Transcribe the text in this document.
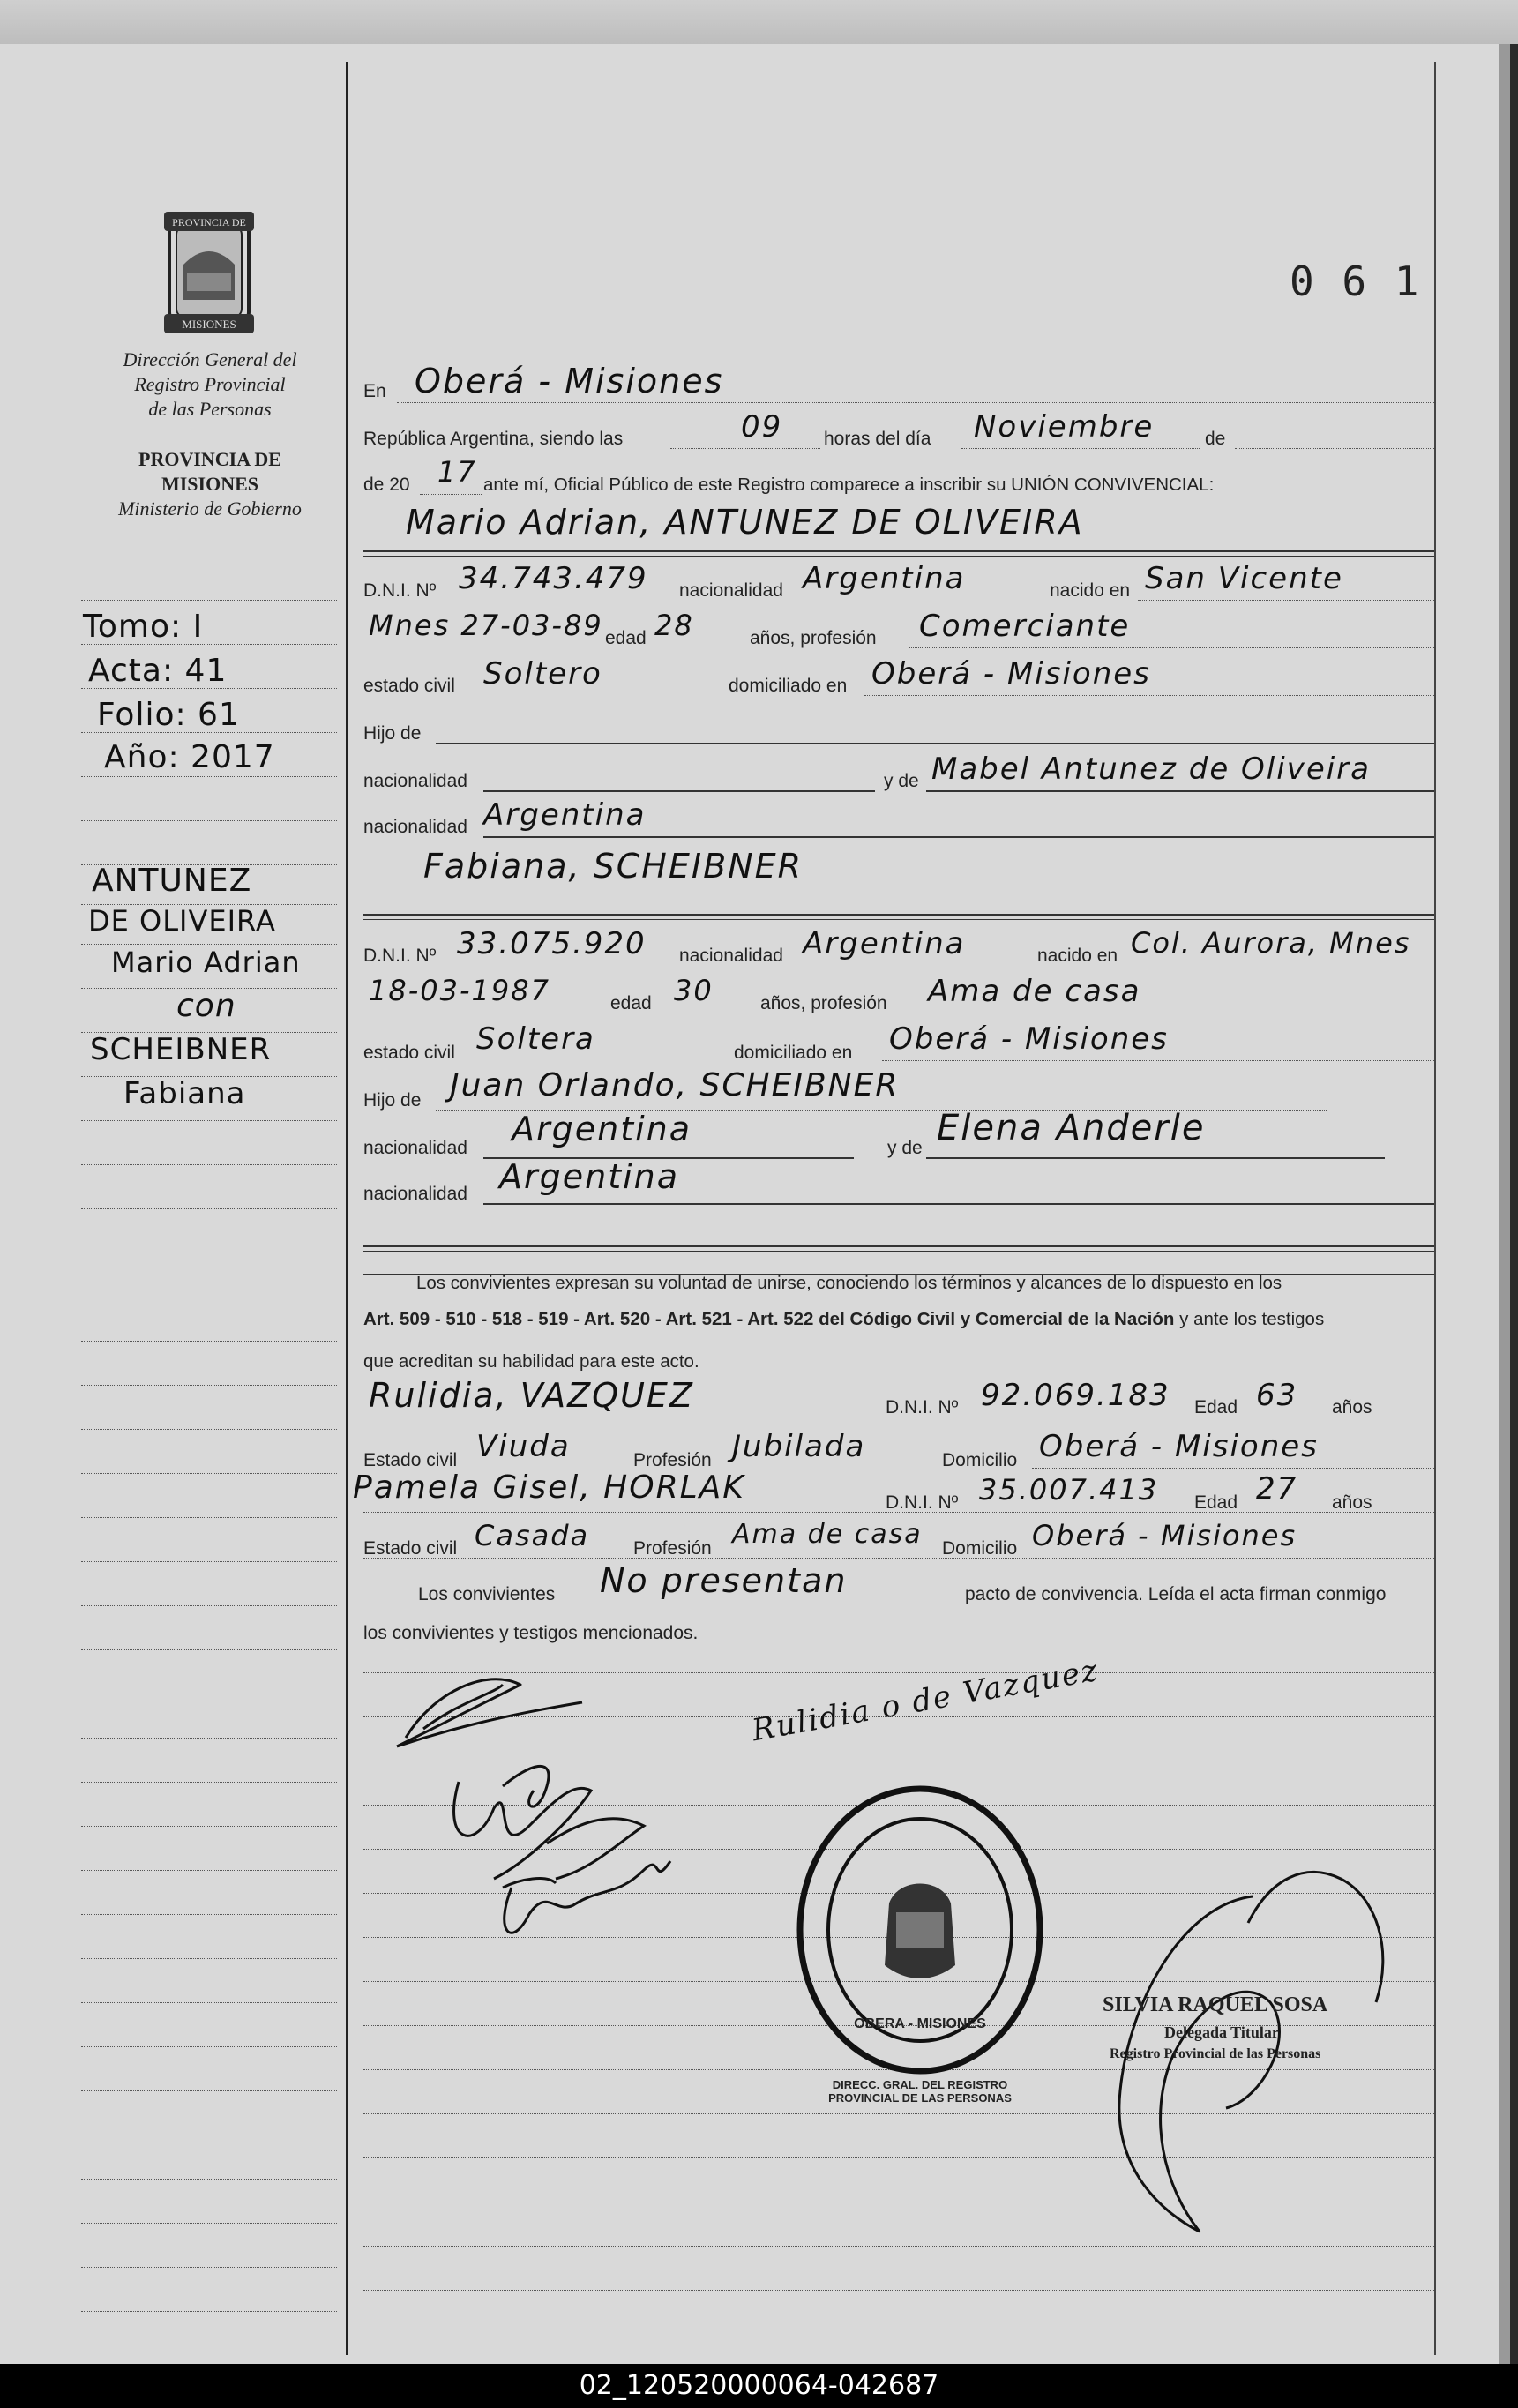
PROVINCIA DE
MISIONES
Dirección General del
Registro Provincial
de las Personas
PROVINCIA DE
MISIONES
Ministerio de Gobierno
0 6 1
Tomo: I
Acta: 41
Folio: 61
Año: 2017
ANTUNEZ
DE OLIVEIRA
Mario Adrian
con
SCHEIBNER
Fabiana
En Oberá - Misiones
República Argentina, siendo las	09 horas del día Noviembre	de
de 20 17 ante mí, Oficial Público de este Registro comparece a inscribir su UNIÓN CONVIVENCIAL:
Mario Adrian, ANTUNEZ DE OLIVEIRA
D.N.I. Nº 34.743.479 nacionalidad Argentina	nacido en San Vicente
Mnes 27-03-89 edad 28	años, profesión Comerciante
estado civil Soltero	domiciliado en Oberá - Misiones
Hijo de
nacionalidad	y de Mabel Antunez de Oliveira
nacionalidad Argentina
Fabiana, SCHEIBNER
D.N.I. Nº 33.075.920 nacionalidad Argentina	nacido en Col. Aurora, Mnes
18-03-1987	edad 30	años, profesión Ama de casa
estado civil Soltera	domiciliado en Oberá - Misiones
Hijo de Juan Orlando, SCHEIBNER
nacionalidad Argentina	y de Elena Anderle
nacionalidad Argentina
Los convivientes expresan su voluntad de unirse, conociendo los términos y alcances de lo dispuesto en los
Art. 509 - 510 - 518 - 519 - Art. 520 - Art. 521 - Art. 522 del Código Civil y Comercial de la Nación y ante los testigos
que acreditan su habilidad para este acto.
Rulidia, VAZQUEZ	D.N.I. Nº 92.069.183 Edad 63 años
Estado civil Viuda	Profesión Jubilada	Domicilio Oberá - Misiones
Pamela Gisel, HORLAK	D.N.I. Nº 35.007.413 Edad 27 años
Estado civil Casada Profesión Ama de casa Domicilio Oberá - Misiones
Los convivientes No presentan	pacto de convivencia. Leída el acta firman conmigo
los convivientes y testigos mencionados.
Rulidia o de Vazquez
DIRECC. GRAL. DEL REGISTRO PROVINCIAL DE LAS PERSONAS
OBERA - MISIONES
SILVIA RAQUEL SOSA
Delegada Titular
Registro Provincial de las Personas
02_120520000064-042687
